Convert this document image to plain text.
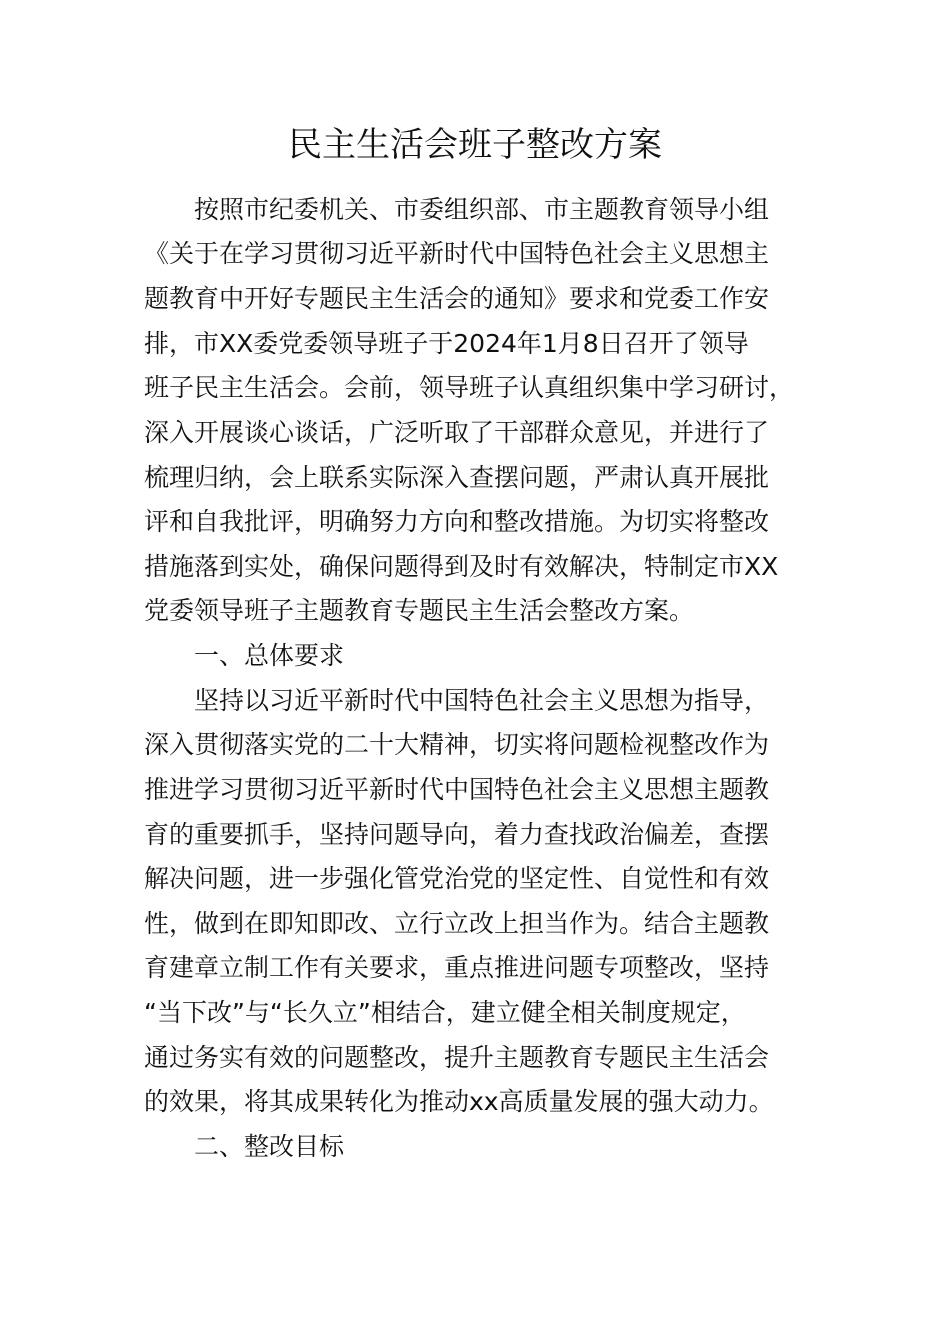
民主生活会班子整改方案

按照市纪委机关、市委组织部、市主题教育领导小组

《关于在学习贯彻习近平新时代中国特色社会主义思想主

题教育中开好专题民主生活会的通知》要求和党委工作安

排，市XX委党委领导班子于2024年1月8日召开了领导

班子民主生活会。会前，领导班子认真组织集中学习研讨，

深入开展谈心谈话，广泛听取了干部群众意见，并进行了

梳理归纳，会上联系实际深入查摆问题，严肃认真开展批

评和自我批评，明确努力方向和整改措施。为切实将整改

措施落到实处，确保问题得到及时有效解决，特制定市XX

党委领导班子主题教育专题民主生活会整改方案。

一、总体要求

坚持以习近平新时代中国特色社会主义思想为指导，

深入贯彻落实党的二十大精神，切实将问题检视整改作为

推进学习贯彻习近平新时代中国特色社会主义思想主题教

育的重要抓手，坚持问题导向，着力查找政治偏差，查摆

解决问题，进一步强化管党治党的坚定性、自觉性和有效

性，做到在即知即改、立行立改上担当作为。结合主题教

育建章立制工作有关要求，重点推进问题专项整改，坚持

“当下改”与“长久立”相结合，建立健全相关制度规定，

通过务实有效的问题整改，提升主题教育专题民主生活会

的效果，将其成果转化为推动xx高质量发展的强大动力。

二、整改目标
